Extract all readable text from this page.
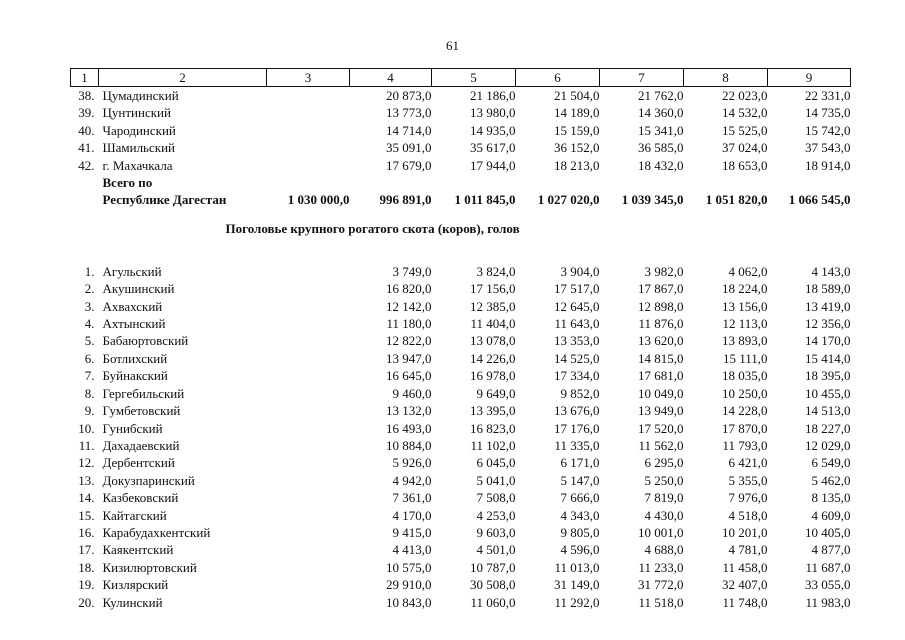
61
1	2	3	4	5	6	7	8	9
38.	Цумадинский		20 873,0	21 186,0	21 504,0	21 762,0	22 023,0	22 331,0
39.	Цунтинский		13 773,0	13 980,0	14 189,0	14 360,0	14 532,0	14 735,0
40.	Чародинский		14 714,0	14 935,0	15 159,0	15 341,0	15 525,0	15 742,0
41.	Шамильский		35 091,0	35 617,0	36 152,0	36 585,0	37 024,0	37 543,0
42.	г. Махачкала		17 679,0	17 944,0	18 213,0	18 432,0	18 653,0	18 914,0
	Всего по							
	Республике Дагестан	1 030 000,0	996 891,0	1 011 845,0	1 027 020,0	1 039 345,0	1 051 820,0	1 066 545,0
Поголовье крупного рогатого скота (коров), голов								

1.	Агульский		3 749,0	3 824,0	3 904,0	3 982,0	4 062,0	4 143,0
2.	Акушинский		16 820,0	17 156,0	17 517,0	17 867,0	18 224,0	18 589,0
3.	Ахвахский		12 142,0	12 385,0	12 645,0	12 898,0	13 156,0	13 419,0
4.	Ахтынский		11 180,0	11 404,0	11 643,0	11 876,0	12 113,0	12 356,0
5.	Бабаюртовский		12 822,0	13 078,0	13 353,0	13 620,0	13 893,0	14 170,0
6.	Ботлихский		13 947,0	14 226,0	14 525,0	14 815,0	15 111,0	15 414,0
7.	Буйнакский		16 645,0	16 978,0	17 334,0	17 681,0	18 035,0	18 395,0
8.	Гергебильский		9 460,0	9 649,0	9 852,0	10 049,0	10 250,0	10 455,0
9.	Гумбетовский		13 132,0	13 395,0	13 676,0	13 949,0	14 228,0	14 513,0
10.	Гунибский		16 493,0	16 823,0	17 176,0	17 520,0	17 870,0	18 227,0
11.	Дахадаевский		10 884,0	11 102,0	11 335,0	11 562,0	11 793,0	12 029,0
12.	Дербентский		5 926,0	6 045,0	6 171,0	6 295,0	6 421,0	6 549,0
13.	Докузпаринский		4 942,0	5 041,0	5 147,0	5 250,0	5 355,0	5 462,0
14.	Казбековский		7 361,0	7 508,0	7 666,0	7 819,0	7 976,0	8 135,0
15.	Кайтагский		4 170,0	4 253,0	4 343,0	4 430,0	4 518,0	4 609,0
16.	Карабудахкентский		9 415,0	9 603,0	9 805,0	10 001,0	10 201,0	10 405,0
17.	Каякентский		4 413,0	4 501,0	4 596,0	4 688,0	4 781,0	4 877,0
18.	Кизилюртовский		10 575,0	10 787,0	11 013,0	11 233,0	11 458,0	11 687,0
19.	Кизлярский		29 910,0	30 508,0	31 149,0	31 772,0	32 407,0	33 055,0
20.	Кулинский		10 843,0	11 060,0	11 292,0	11 518,0	11 748,0	11 983,0
